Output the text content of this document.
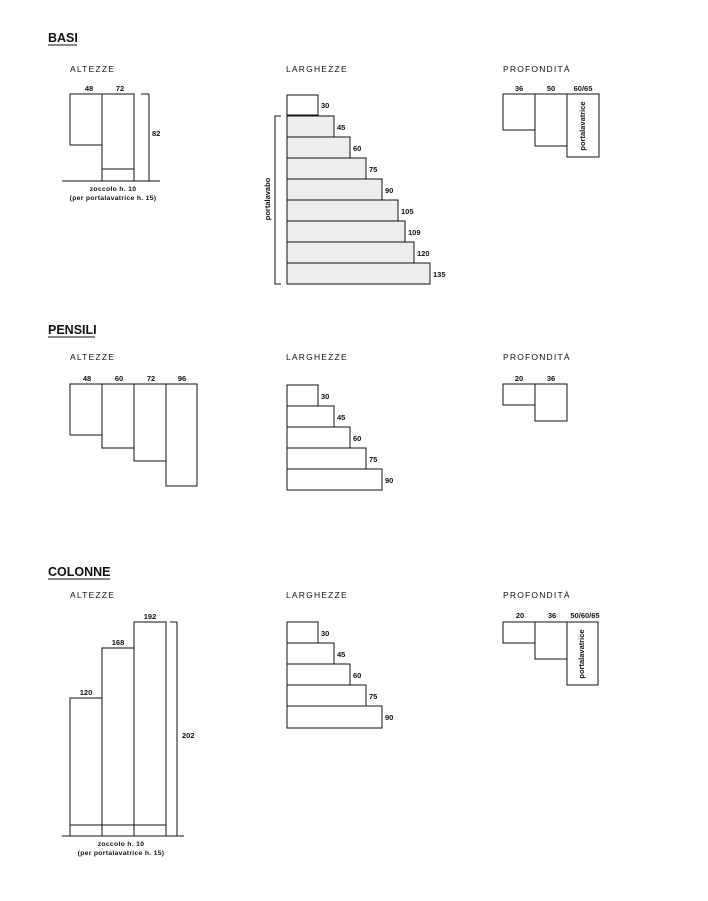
BASI
ALTEZZE	LARGHEZZE	PROFONDITÀ
48	72
82
zoccolo h. 10
(per portalavatrice h. 15)
30
45
60
75
90
105
109
120
135
portalavabo
36	50 60/65
portalavatrice
PENSILI
ALTEZZE	LARGHEZZE	PROFONDITÀ
48	60	72	96
30
45
60
75
90
20	36
COLONNE
ALTEZZE	LARGHEZZE	PROFONDITÀ
120
168
192
202
zoccolo h. 10
(per portalavatrice h. 15)
30
45
60
75
90
20	36 50/60/65
portalavatrice
